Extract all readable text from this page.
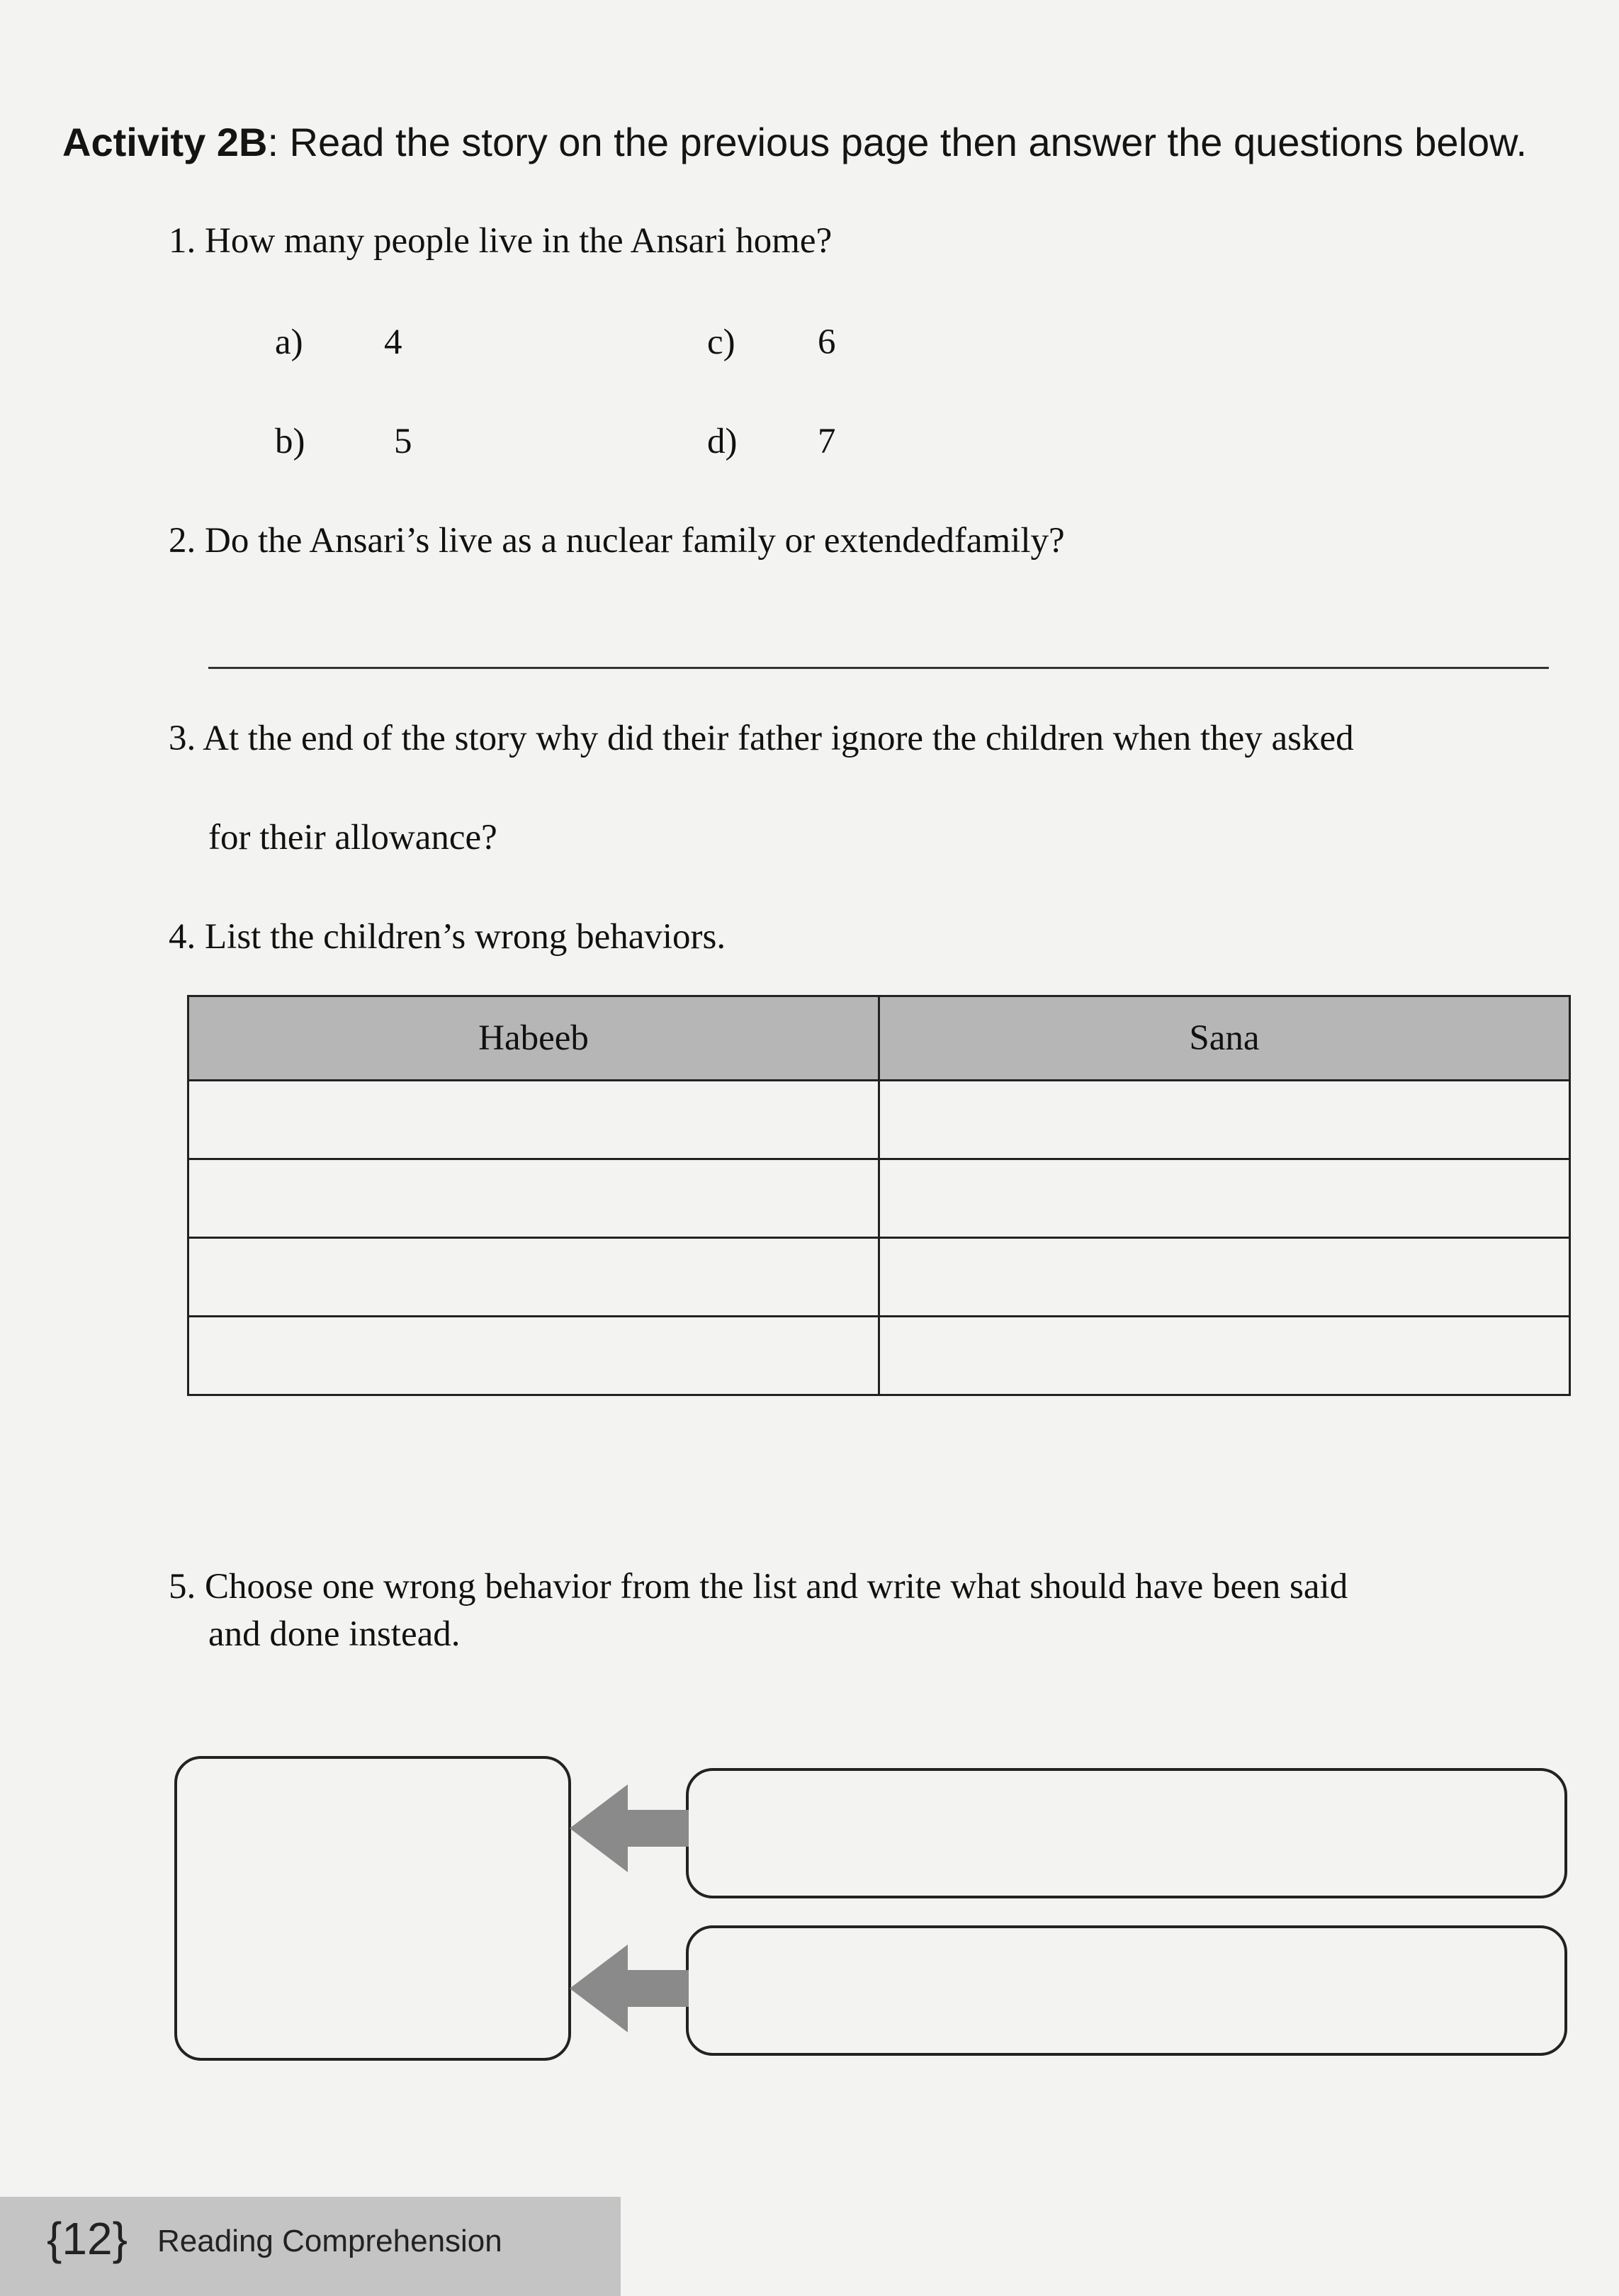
Activity 2B: Read the story on the previous page then answer the questions below.
1. How many people live in the Ansari home?
a) 4	c) 6
b) 5	d) 7
2. Do the Ansari’s live as a nuclear family or extendedfamily?
3. At the end of the story why did their father ignore the children when they asked
for their allowance?
4. List the children’s wrong behaviors.
Habeeb	Sana

5. Choose one wrong behavior from the list and write what should have been said
and done instead.
{12} Reading Comprehension
